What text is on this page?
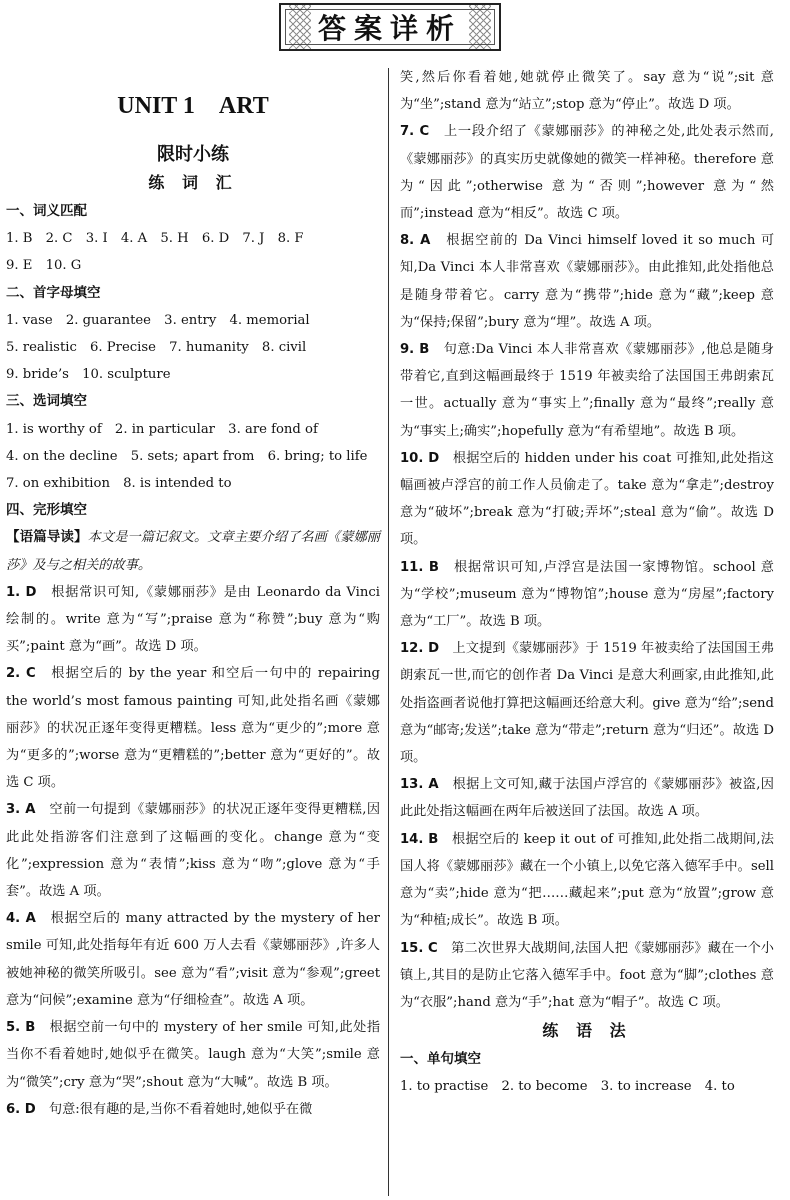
答案详析
UNIT 1　ART
限时小练
练 词 汇

一、词义匹配

1. B　2. C　3. I　4. A　5. H　6. D　7. J　8. F

9. E　10. G

二、首字母填空

1. vase　2. guarantee　3. entry　4. memorial

5. realistic　6. Precise　7. humanity　8. civil

9. bride’s　10. sculpture

三、选词填空

1. is worthy of　2. in particular　3. are fond of

4. on the decline　5. sets; apart from　6. bring; to life

7. on exhibition　8. is intended to

四、完形填空

【语篇导读】本文是一篇记叙文。文章主要介绍了名画《蒙娜丽莎》及与之相关的故事。

1. D　 根据常识可知,《蒙娜丽莎》是由 Leonardo da Vinci 绘制的。write 意为“写”;praise 意为“称赞”;buy 意为“购买”;paint 意为“画”。故选 D 项。

2. C　 根据空后的 by the year 和空后一句中的 repairing the world’s most famous painting 可知,此处指名画《蒙娜丽莎》的状况正逐年变得更糟糕。less 意为“更少的”;more 意为“更多的”;worse 意为“更糟糕的”;better 意为“更好的”。故选 C 项。

3. A　 空前一句提到《蒙娜丽莎》的状况正逐年变得更糟糕,因此此处指游客们注意到了这幅画的变化。change 意为“变化”;expression 意为“表情”;kiss 意为“吻”;glove 意为“手套”。故选 A 项。

4. A　 根据空后的 many attracted by the mystery of her smile 可知,此处指每年有近 600 万人去看《蒙娜丽莎》,许多人被她神秘的微笑所吸引。see 意为“看”;visit 意为“参观”;greet 意为“问候”;examine 意为“仔细检查”。故选 A 项。

5. B　 根据空前一句中的 mystery of her smile 可知,此处指当你不看着她时,她似乎在微笑。laugh 意为“大笑”;smile 意为“微笑”;cry 意为“哭”;shout 意为“大喊”。故选 B 项。

6. D　 句意:很有趣的是,当你不看着她时,她似乎在微

笑,然后你看着她,她就停止微笑了。say 意为“说”;sit 意为“坐”;stand 意为“站立”;stop 意为“停止”。故选 D 项。

7. C　 上一段介绍了《蒙娜丽莎》的神秘之处,此处表示然而,《蒙娜丽莎》的真实历史就像她的微笑一样神秘。therefore 意为“因此”;otherwise 意为“否则”;however 意为“然而”;instead 意为“相反”。故选 C 项。

8. A　 根据空前的 Da Vinci himself loved it so much 可知,Da Vinci 本人非常喜欢《蒙娜丽莎》。由此推知,此处指他总是随身带着它。carry 意为“携带”;hide 意为“藏”;keep 意为“保持;保留”;bury 意为“埋”。故选 A 项。

9. B　 句意:Da Vinci 本人非常喜欢《蒙娜丽莎》,他总是随身带着它,直到这幅画最终于 1519 年被卖给了法国国王弗朗索瓦一世。actually 意为“事实上”;finally 意为“最终”;really 意为“事实上;确实”;hopefully 意为“有希望地”。故选 B 项。

10. D　 根据空后的 hidden under his coat 可推知,此处指这幅画被卢浮宫的前工作人员偷走了。take 意为“拿走”;destroy 意为“破坏”;break 意为“打破;弄坏”;steal 意为“偷”。故选 D 项。

11. B　 根据常识可知,卢浮宫是法国一家博物馆。school 意为“学校”;museum 意为“博物馆”;house 意为“房屋”;factory 意为“工厂”。故选 B 项。

12. D　 上文提到《蒙娜丽莎》于 1519 年被卖给了法国国王弗朗索瓦一世,而它的创作者 Da Vinci 是意大利画家,由此推知,此处指盗画者说他打算把这幅画还给意大利。give 意为“给”;send 意为“邮寄;发送”;take 意为“带走”;return 意为“归还”。故选 D 项。

13. A　 根据上文可知,藏于法国卢浮宫的《蒙娜丽莎》被盗,因此此处指这幅画在两年后被送回了法国。故选 A 项。

14. B　 根据空后的 keep it out of 可推知,此处指二战期间,法国人将《蒙娜丽莎》藏在一个小镇上,以免它落入德军手中。sell 意为“卖”;hide 意为“把……藏起来”;put 意为“放置”;grow 意为“种植;成长”。故选 B 项。

15. C　 第二次世界大战期间,法国人把《蒙娜丽莎》藏在一个小镇上,其目的是防止它落入德军手中。foot 意为“脚”;clothes 意为“衣服”;hand 意为“手”;hat 意为“帽子”。故选 C 项。

练 语 法

一、单句填空

1. to practise　2. to become　3. to increase　4. to
